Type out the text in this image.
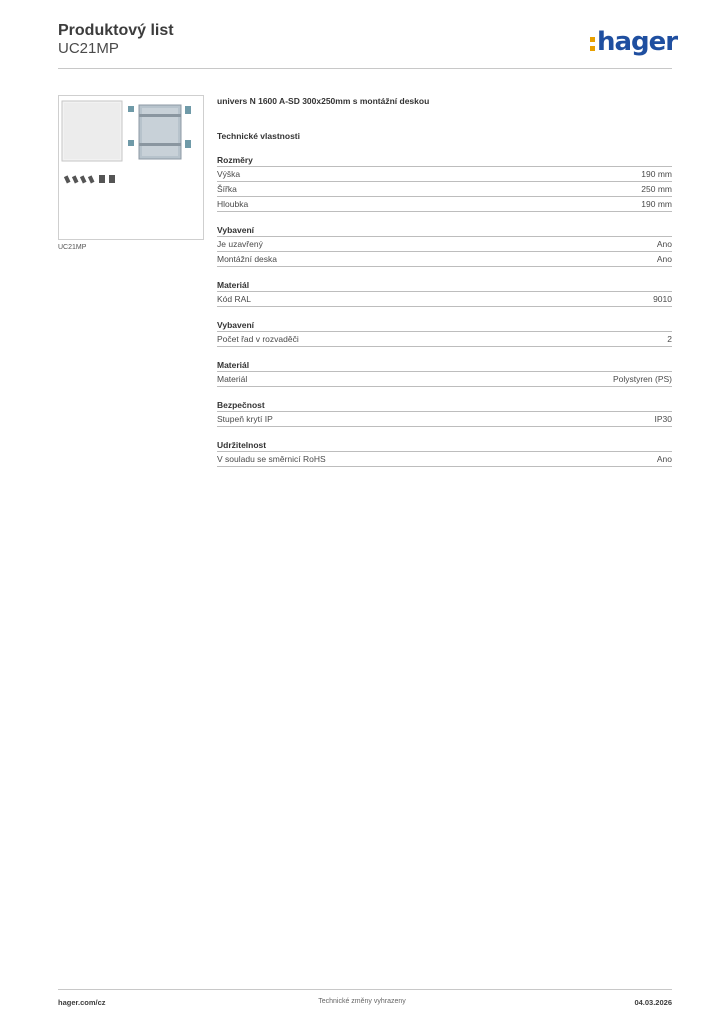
Produktový list
UC21MP	hager
UC21MP
univers N 1600 A-SD 300x250mm s montážní deskou
Technické vlastnosti
Rozměry
Výška	190 mm
Šířka	250 mm
Hloubka	190 mm
Vybavení
Je uzavřený	Ano
Montážní deska	Ano
Materiál
Kód RAL	9010
Vybavení
Počet řad v rozvaděči	2
Materiál
Materiál	Polystyren (PS)
Bezpečnost
Stupeň krytí IP	IP30
Udržitelnost
V souladu se směrnicí RoHS	Ano
hager.com/cz	Technické změny vyhrazeny	04.03.2026
